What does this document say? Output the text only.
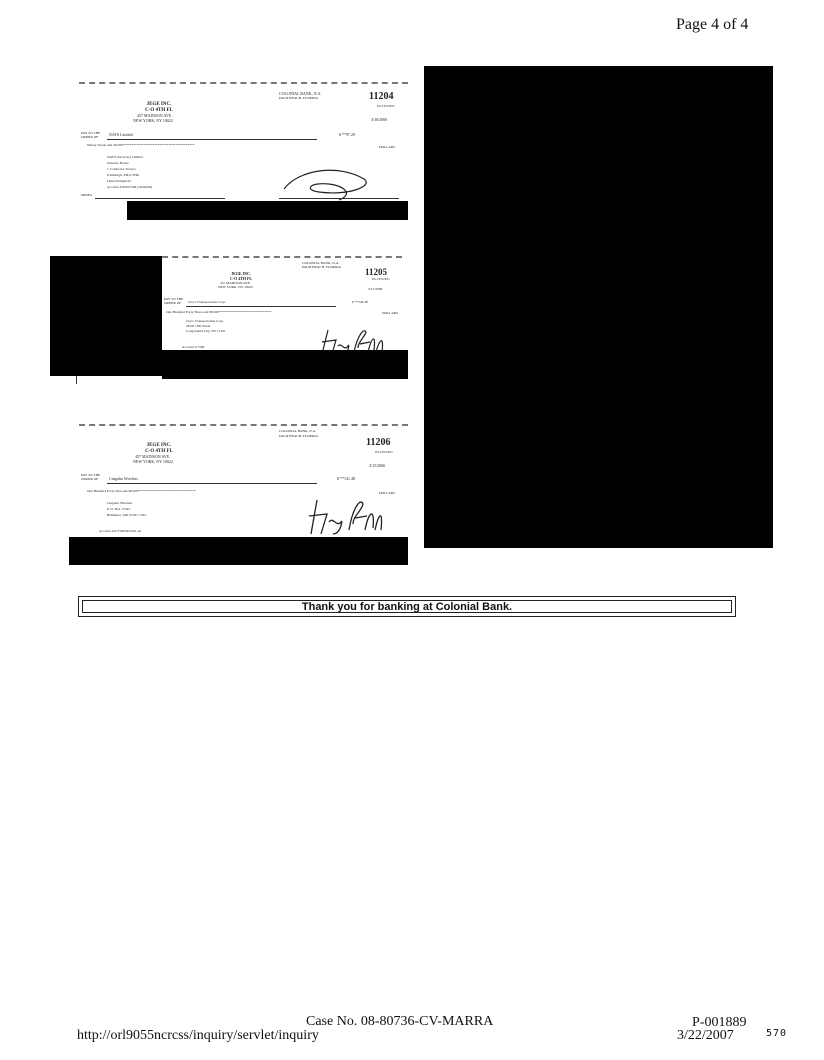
Page 4 of 4
COLONIAL BANK, N.A.
PALM BEACH, FLORIDA	11204
63-1352/631
JEGE INC.
C-O 4TH FL
457 MADISON AVE.
NEW YORK, NY 10022	3/10/2006
PAY TO THE ORDER OF	NATS Limited	$ **97.29
Ninety-Seven and 29/100*****************************************	DOLLARS
NATS (Services) Limited
Osborne House
1-5 Osborne Terrace
Edinburgh, EH12 5HG
United Kingdom
Account # 00027504 (10/04/06)
MEMO
COLONIAL BANK, N.A.
PALM BEACH, FLORIDA	11205
63-1352/631
JEGE INC.
C-O 4TH FL
457 MADISON AVE.
NEW YORK, NY 10022	3/15/2006
PAY TO THE ORDER OF	Cisco Transportation Corp.	$ **744.38
One Hundred Forty Three and 38/100******************************	DOLLARS
Cisco Transportation Corp.
28-00 15th Street
Long Island City, NY 11101
Account # 7560
COLONIAL BANK, N.A.
PALM BEACH, FLORIDA
11206
63-1352/631
JEGE INC.
C-O 4TH FL
457 MADISON AVE.
NEW YORK, NY 10022
3/15/2006
PAY TO THE ORDER OF	Cingular Wireless	$ **141.48
One Hundred Forty-One and 48/100*********************************	DOLLARS
Cingular Wireless
P. O. Box 17542
Baltimore, MD 21297-1542
Account # 017586342-001-42
Thank you for banking at Colonial Bank.
Case No. 08-80736-CV-MARRA
http://orl9055ncrcss/inquiry/servlet/inquiry
P-001889
3/22/2007	570
